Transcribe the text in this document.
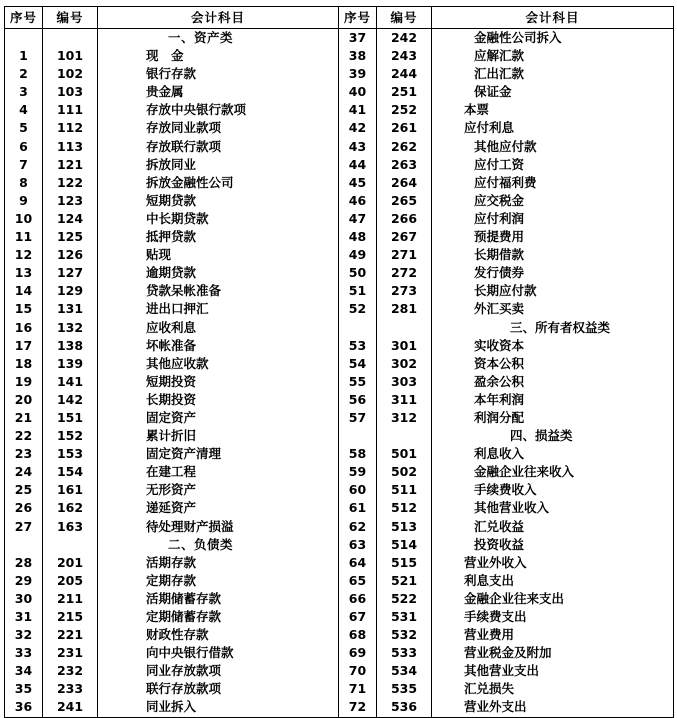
序号	编号	会计科目	序号	编号	会计科目

		一、资产类	37	242	金融性公司拆入

1	101	现　金	38	243	应解汇款

2	102	银行存款	39	244	汇出汇款

3	103	贵金属	40	251	保证金

4	111	存放中央银行款项	41	252	本票

5	112	存放同业款项	42	261	应付利息

6	113	存放联行款项	43	262	其他应付款

7	121	拆放同业	44	263	应付工资

8	122	拆放金融性公司	45	264	应付福利费

9	123	短期贷款	46	265	应交税金

10	124	中长期贷款	47	266	应付利润

11	125	抵押贷款	48	267	预提费用

12	126	贴现	49	271	长期借款

13	127	逾期贷款	50	272	发行债券

14	129	贷款呆帐准备	51	273	长期应付款

15	131	进出口押汇	52	281	外汇买卖

16	132	应收利息			三、所有者权益类

17	138	坏帐准备	53	301	实收资本

18	139	其他应收款	54	302	资本公积

19	141	短期投资	55	303	盈余公积

20	142	长期投资	56	311	本年利润

21	151	固定资产	57	312	利润分配

22	152	累计折旧			四、损益类

23	153	固定资产清理	58	501	利息收入

24	154	在建工程	59	502	金融企业往来收入

25	161	无形资产	60	511	手续费收入

26	162	递延资产	61	512	其他营业收入

27	163	待处理财产损溢	62	513	汇兑收益

		二、负债类	63	514	投资收益

28	201	活期存款	64	515	营业外收入

29	205	定期存款	65	521	利息支出

30	211	活期储蓄存款	66	522	金融企业往来支出

31	215	定期储蓄存款	67	531	手续费支出

32	221	财政性存款	68	532	营业费用

33	231	向中央银行借款	69	533	营业税金及附加

34	232	同业存放款项	70	534	其他营业支出

35	233	联行存放款项	71	535	汇兑损失

36	241	同业拆入	72	536	营业外支出
